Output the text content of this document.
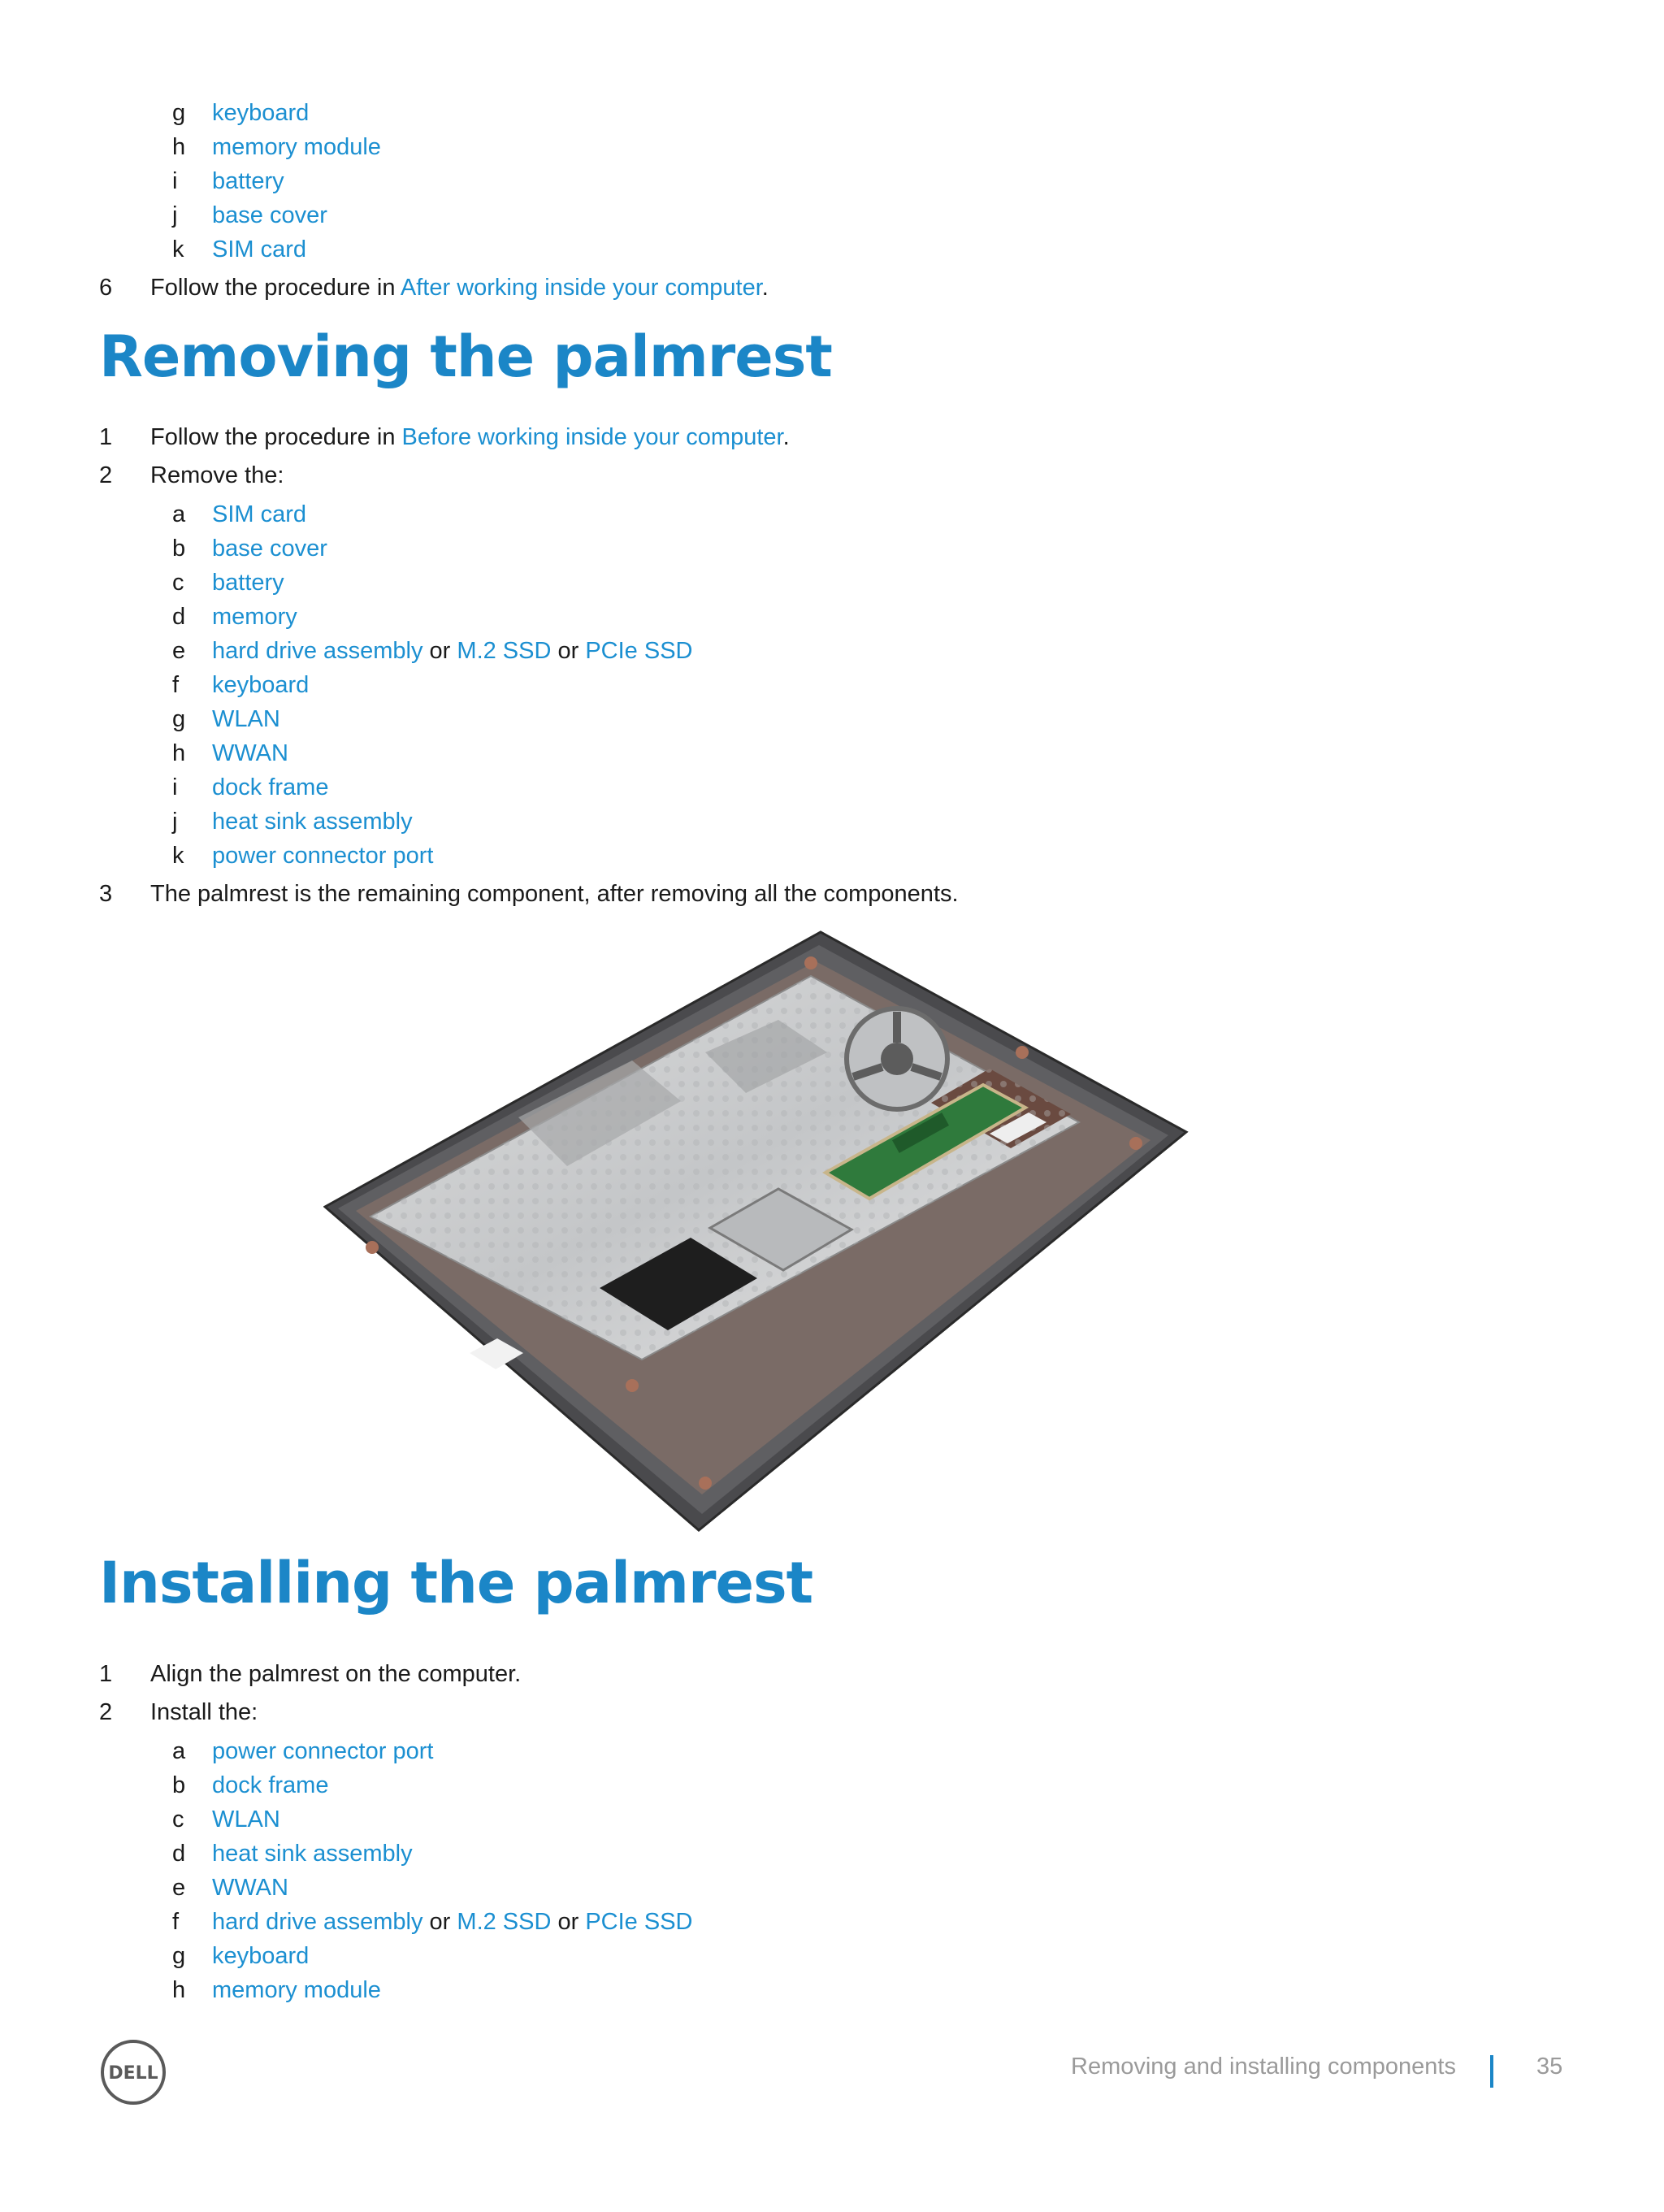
g	keyboard
h	memory module
i	battery
j	base cover
k	SIM card
6	Follow the procedure in After working inside your computer.
Removing the palmrest
1	Follow the procedure in Before working inside your computer.
2	Remove the:
a	SIM card
b	base cover
c	battery
d	memory
e	hard drive assembly or M.2 SSD or PCIe SSD
f	keyboard
g	WLAN
h	WWAN
i	dock frame
j	heat sink assembly
k	power connector port
3	The palmrest is the remaining component, after removing all the components.
Installing the palmrest
1	Align the palmrest on the computer.
2	Install the:
a	power connector port
b	dock frame
c	WLAN
d	heat sink assembly
e	WWAN
f	hard drive assembly or M.2 SSD or PCIe SSD
g	keyboard
h	memory module
DELL	Removing and installing components	35
